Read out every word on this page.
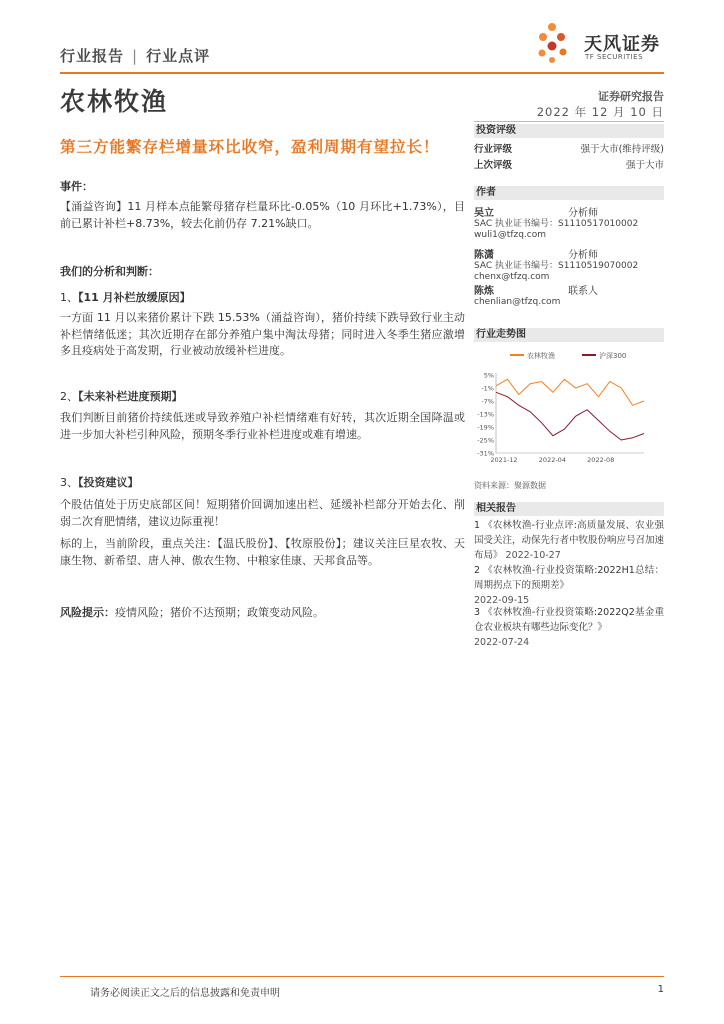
行业报告 | 行业点评
天风证券
TF SECURITIES
农林牧渔	证券研究报告
2022 年 12 月 10 日
第三方能繁存栏增量环比收窄，盈利周期有望拉长！
投资评级
行业评级	强于大市(维持评级)
上次评级	强于大市
作者
吴立	分析师
SAC 执业证书编号：S1110517010002
wuli1@tfzq.com
陈潇	分析师
SAC 执业证书编号：S1110519070002
chenx@tfzq.com
陈炼	联系人
chenlian@tfzq.com
行业走势图
农林牧渔	沪深300
5%
-1%
-7%
-13%
-19%
-25%
-31%
2021-12	2022-04	2022-08
资料来源：聚源数据
相关报告
1 《农林牧渔-行业点评:高质量发展、农业强国受关注，动保先行者中牧股份响应号召加速布局》 2022-10-27
2 《农林牧渔-行业投资策略:2022H1总结：周期拐点下的预期差》
2022-09-15
3 《农林牧渔-行业投资策略:2022Q2基金重仓农业板块有哪些边际变化？》
2022-07-24
事件：
【涌益咨询】11 月样本点能繁母猪存栏量环比-0.05%（10 月环比+1.73%），目前已累计补栏+8.73%，较去化前仍存 7.21%缺口。
我们的分析和判断：
1、【11 月补栏放缓原因】
一方面 11 月以来猪价累计下跌 15.53%（涌益咨询），猪价持续下跌导致行业主动补栏情绪低迷；其次近期存在部分养殖户集中淘汰母猪；同时进入冬季生猪应激增多且疫病处于高发期，行业被动放缓补栏进度。
2、【未来补栏进度预期】
我们判断目前猪价持续低迷或导致养殖户补栏情绪难有好转，其次近期全国降温或进一步加大补栏引种风险，预期冬季行业补栏进度或难有增速。
3、【投资建议】
个股估值处于历史底部区间！短期猪价回调加速出栏、延缓补栏部分开始去化、削弱二次育肥情绪，建议边际重视！
标的上，当前阶段，重点关注：【温氏股份】、【牧原股份】；建议关注巨星农牧、天康生物、新希望、唐人神、傲农生物、中粮家佳康、天邦食品等。
风险提示：疫情风险；猪价不达预期；政策变动风险。
请务必阅读正文之后的信息披露和免责申明	1
